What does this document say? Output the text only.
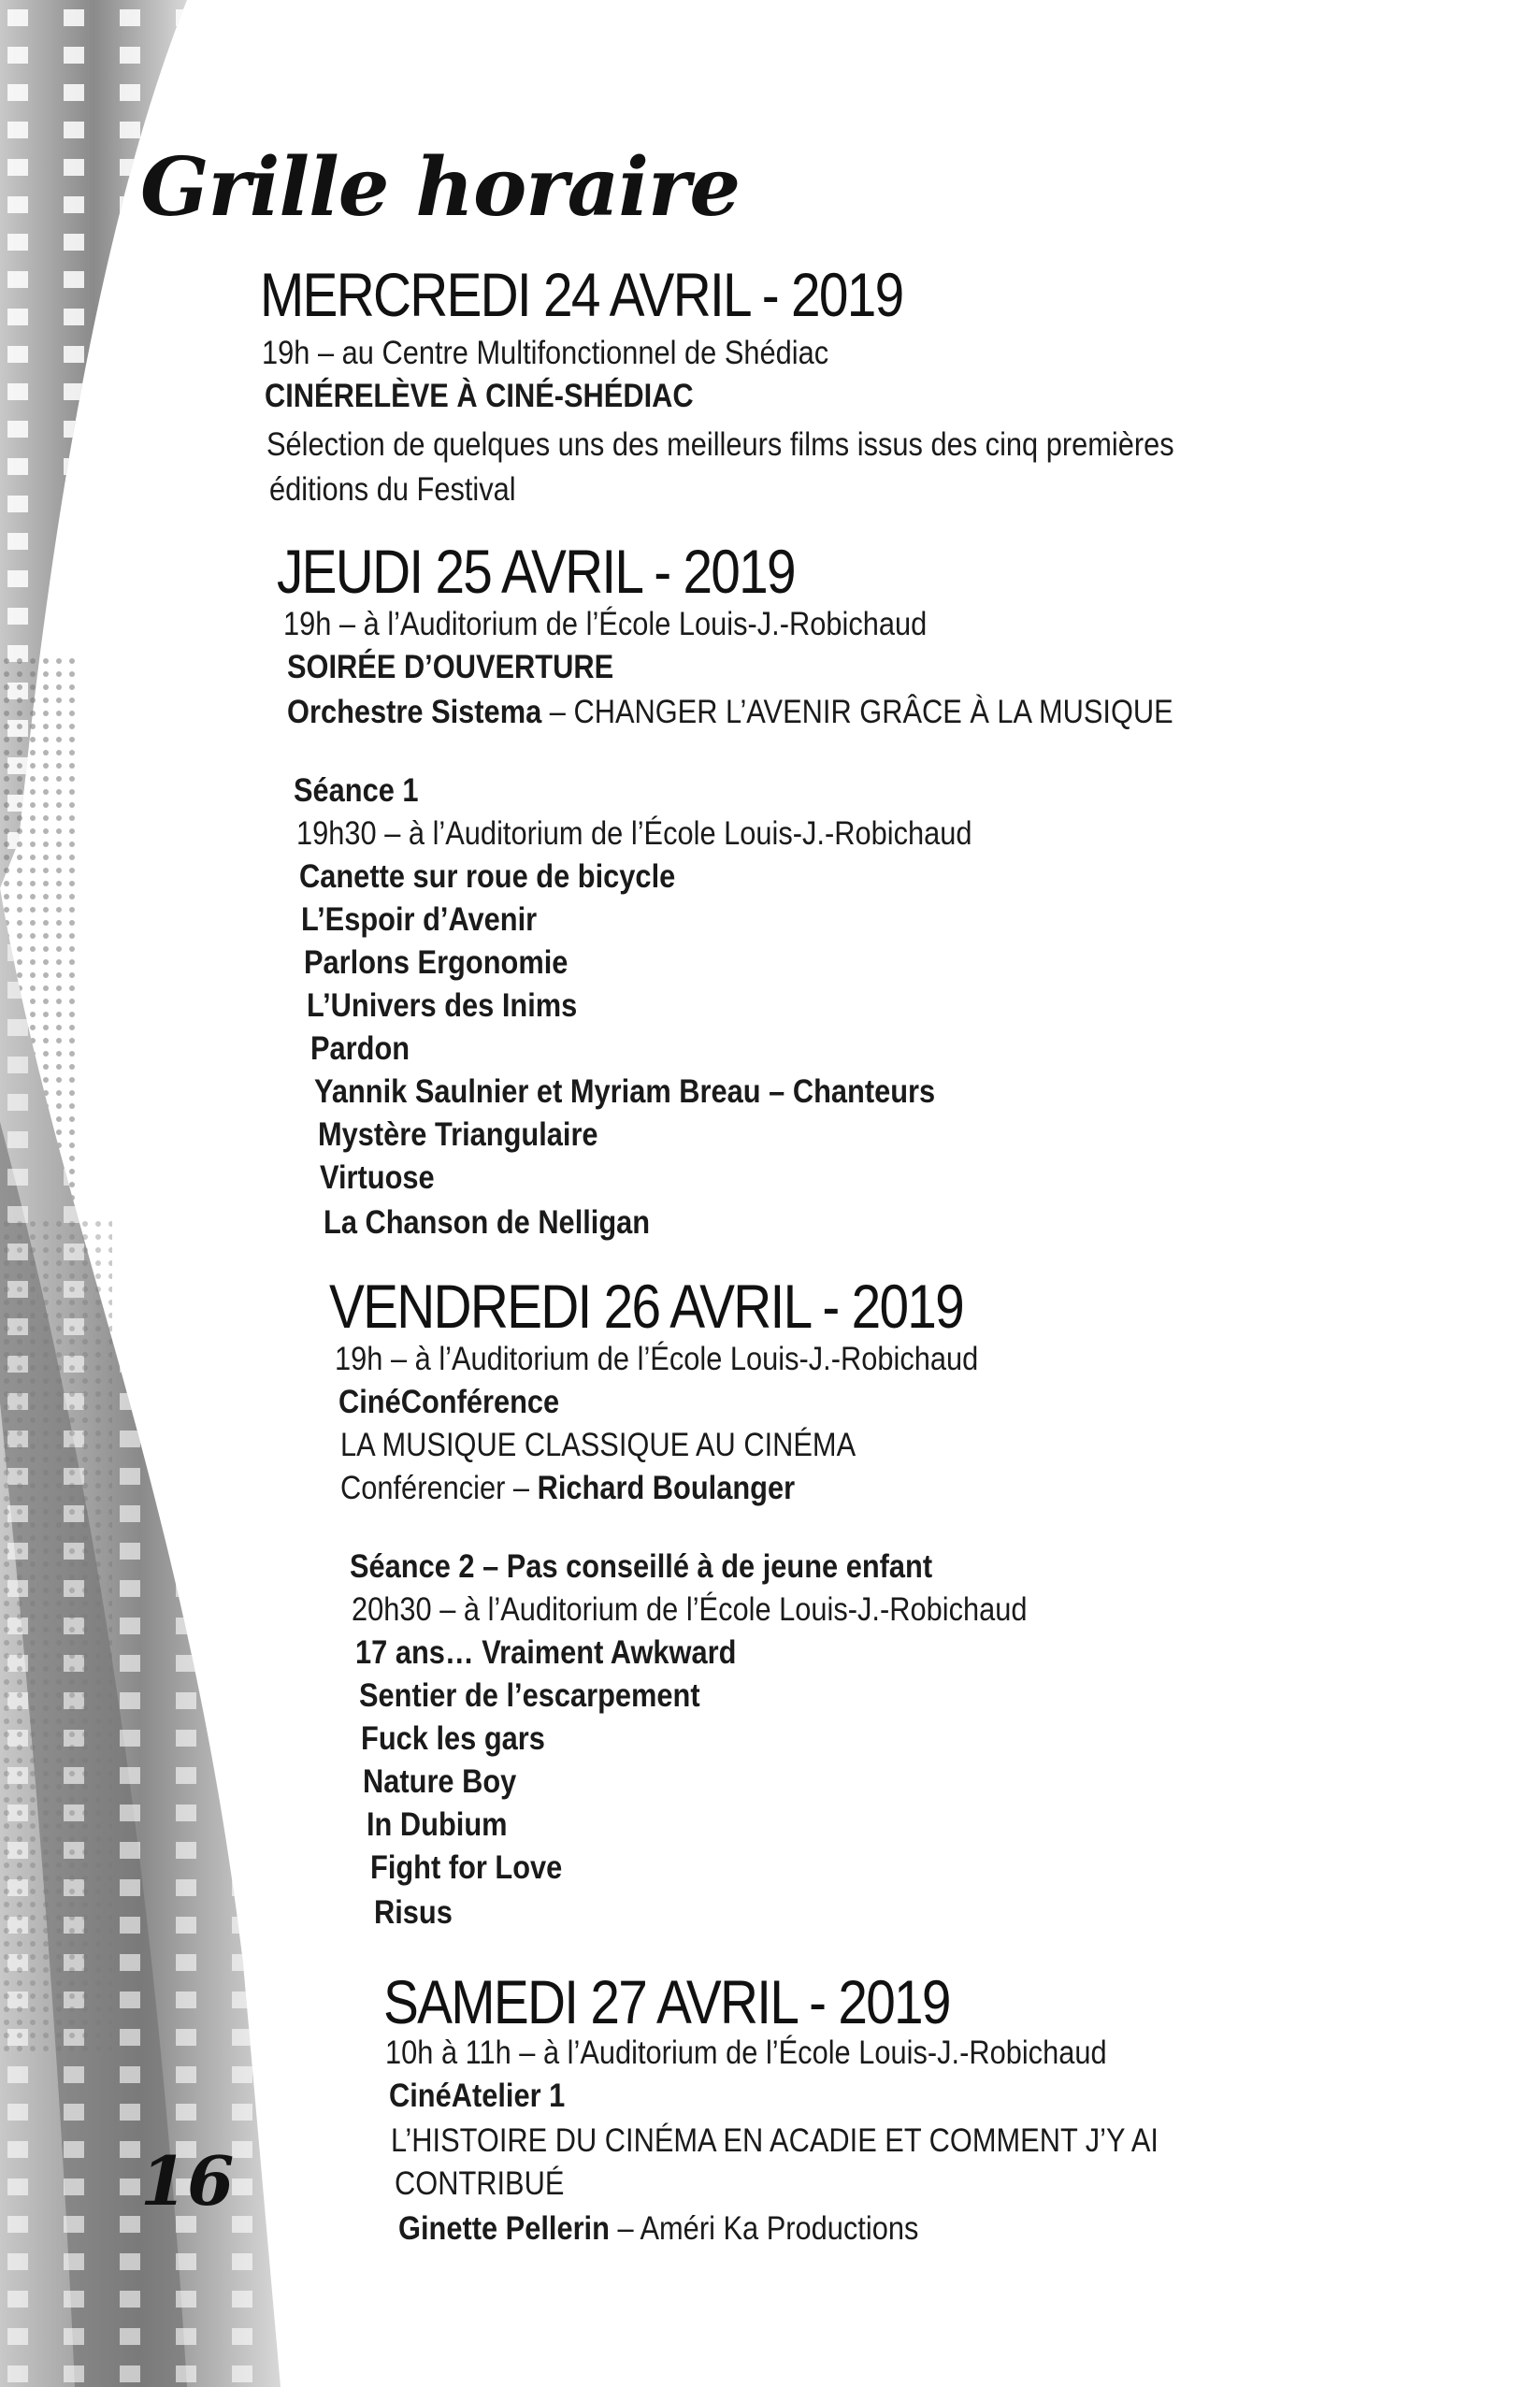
Grille horaire
MERCREDI 24 AVRIL - 2019
19h – au Centre Multifonctionnel de Shédiac
CINÉRELÈVE À CINÉ-SHÉDIAC
Sélection de quelques uns des meilleurs films issus des cinq premières
éditions du Festival
JEUDI 25 AVRIL - 2019
19h – à l’Auditorium de l’École Louis-J.-Robichaud
SOIRÉE D’OUVERTURE
Orchestre Sistema – CHANGER L’AVENIR GRÂCE À LA MUSIQUE
Séance 1
19h30 – à l’Auditorium de l’École Louis-J.-Robichaud
Canette sur roue de bicycle
L’Espoir d’Avenir
Parlons Ergonomie
L’Univers des Inims
Pardon
Yannik Saulnier et Myriam Breau – Chanteurs
Mystère Triangulaire
Virtuose
La Chanson de Nelligan
VENDREDI 26 AVRIL - 2019
19h – à l’Auditorium de l’École Louis-J.-Robichaud
CinéConférence
LA MUSIQUE CLASSIQUE AU CINÉMA
Conférencier – Richard Boulanger
Séance 2 – Pas conseillé à de jeune enfant
20h30 – à l’Auditorium de l’École Louis-J.-Robichaud
17 ans… Vraiment Awkward
Sentier de l’escarpement
Fuck les gars
Nature Boy
In Dubium
Fight for Love
Risus
SAMEDI 27 AVRIL - 2019
10h à 11h – à l’Auditorium de l’École Louis-J.-Robichaud
CinéAtelier 1
L’HISTOIRE DU CINÉMA EN ACADIE ET COMMENT J’Y AI
CONTRIBUÉ
Ginette Pellerin – Améri Ka Productions
16
